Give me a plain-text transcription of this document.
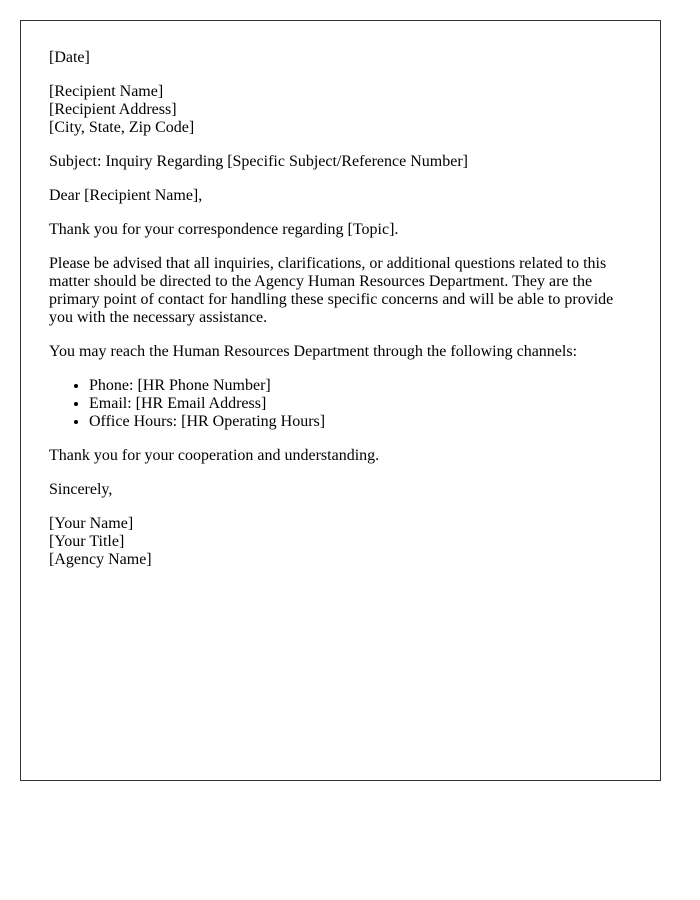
[Date]

[Recipient Name]
[Recipient Address]
[City, State, Zip Code]

Subject: Inquiry Regarding [Specific Subject/Reference Number]

Dear [Recipient Name],

Thank you for your correspondence regarding [Topic].

Please be advised that all inquiries, clarifications, or additional questions related to this matter should be directed to the Agency Human Resources Department. They are the primary point of contact for handling these specific concerns and will be able to provide you with the necessary assistance.

You may reach the Human Resources Department through the following channels:

• Phone: [HR Phone Number]
• Email: [HR Email Address]
• Office Hours: [HR Operating Hours]

Thank you for your cooperation and understanding.

Sincerely,

[Your Name]
[Your Title]
[Agency Name]
